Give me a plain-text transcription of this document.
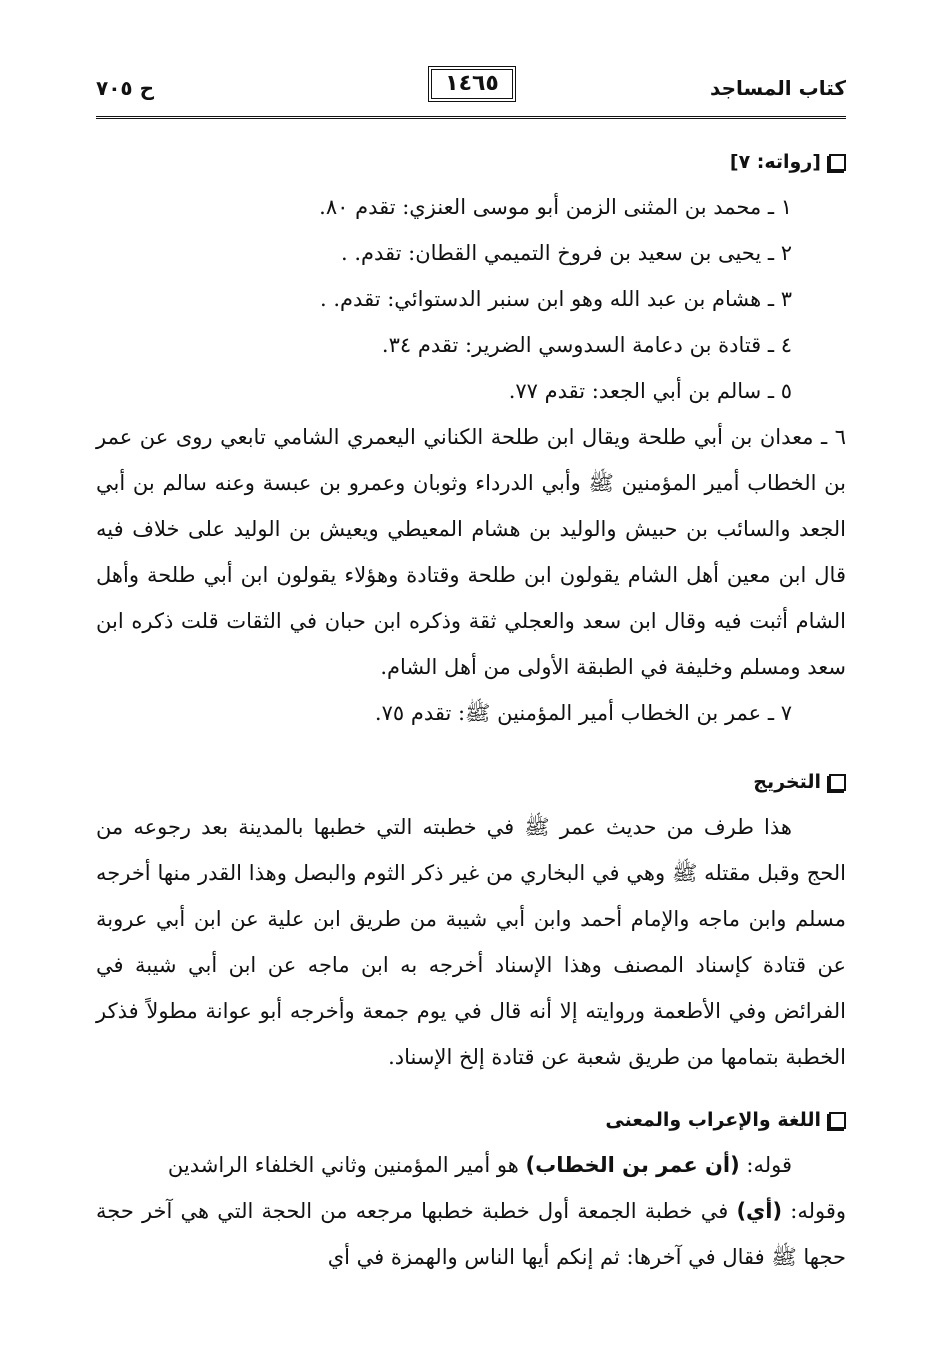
كتاب المساجد
١٤٦٥
ح ٧٠٥
[رواته: ٧]
١ ـ محمد بن المثنى الزمن أبو موسى العنزي: تقدم ٨٠.
٢ ـ يحيى بن سعيد بن فروخ التميمي القطان: تقدم. .
٣ ـ هشام بن عبد الله وهو ابن سنبر الدستوائي: تقدم. .
٤ ـ قتادة بن دعامة السدوسي الضرير: تقدم ٣٤.
٥ ـ سالم بن أبي الجعد: تقدم ٧٧.

٦ ـ معدان بن أبي طلحة ويقال ابن طلحة الكناني اليعمري الشامي تابعي روى عن عمر بن الخطاب أمير المؤمنين ﷺ وأبي الدرداء وثوبان وعمرو بن عبسة وعنه سالم بن أبي الجعد والسائب بن حبيش والوليد بن هشام المعيطي ويعيش بن الوليد على خلاف فيه قال ابن معين أهل الشام يقولون ابن طلحة وقتادة وهؤلاء يقولون ابن أبي طلحة وأهل الشام أثبت فيه وقال ابن سعد والعجلي ثقة وذكره ابن حبان في الثقات قلت ذكره ابن سعد ومسلم وخليفة في الطبقة الأولى من أهل الشام.

٧ ـ عمر بن الخطاب أمير المؤمنين ﷺ: تقدم ٧٥.
التخريج

هذا طرف من حديث عمر ﷺ في خطبته التي خطبها بالمدينة بعد رجوعه من الحج وقبل مقتله ﷺ وهي في البخاري من غير ذكر الثوم والبصل وهذا القدر منها أخرجه مسلم وابن ماجه والإمام أحمد وابن أبي شيبة من طريق ابن علية عن ابن أبي عروبة عن قتادة كإسناد المصنف وهذا الإسناد أخرجه به ابن ماجه عن ابن أبي شيبة في الفرائض وفي الأطعمة وروايته إلا أنه قال في يوم جمعة وأخرجه أبو عوانة مطولاً فذكر الخطبة بتمامها من طريق شعبة عن قتادة إلخ الإسناد.

اللغة والإعراب والمعنى

قوله: (أن عمر بن الخطاب) هو أمير المؤمنين وثاني الخلفاء الراشدين

وقوله: (أي) في خطبة الجمعة أول خطبة خطبها مرجعه من الحجة التي هي آخر حجة حجها ﷺ فقال في آخرها: ثم إنكم أيها الناس والهمزة في أي
